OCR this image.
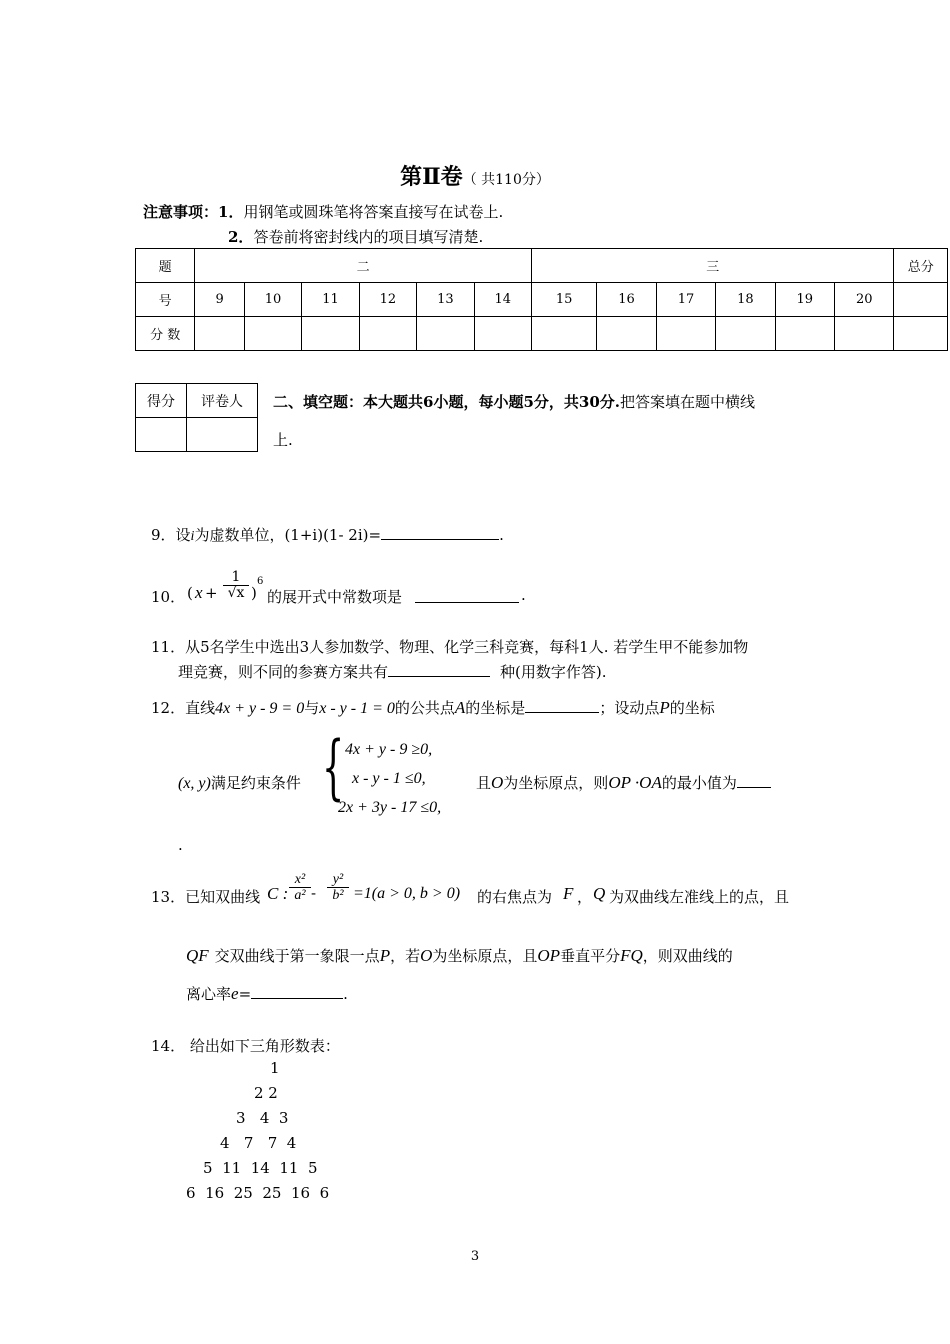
第Ⅱ卷（ 共110分）
注意事项：1．用钢笔或圆珠笔将答案直接写在试卷上.
2．答卷前将密封线内的项目填写清楚.
题	二						三						总分
号	9	10	11	12	13	14	15	16	17	18	19	20	
分 数													
得分	评卷人
	二、填空题：本大题共6小题，每小题5分，共30分.把答案填在题中横线
上.
9．设i为虚数单位，(1+i)(1- 2i)=	.
10． ( $x + \frac{1}{√x}$ )
6
的展开式中常数项是	.
11．从5名学生中选出3人参加数学、物理、化学三科竞赛，每科1人. 若学生甲不能参加物
理竞赛，则不同的参赛方案共有	种(用数字作答).
12．直线4x + y - 9 = 0与x - y - 1 = 0的公共点A的坐标是	；设动点P的坐标
(x, y)满足约束条件 { 4x + y - 9 ≥0,
x - y - 1 ≤0,
2x + 3y - 17 ≤0,
且O为坐标原点，则OP ·OA的最小值为
.
13．已知双曲线 C : $\frac{\text{x²}}{\text{a²}} - \frac{\text{y²}}{\text{b²}} =1(a > 0$, b > 0) 的右焦点为 F ， Q 为双曲线左准线上的点，且
QF 交双曲线于第一象限一点P，若O为坐标原点，且OP垂直平分FQ，则双曲线的
离心率e=	.
14． 给出如下三角形数表：
1
2 2
3   4  3
4   7   7  4
5  11  14  11  5
6  16  25  25  16  6
3
